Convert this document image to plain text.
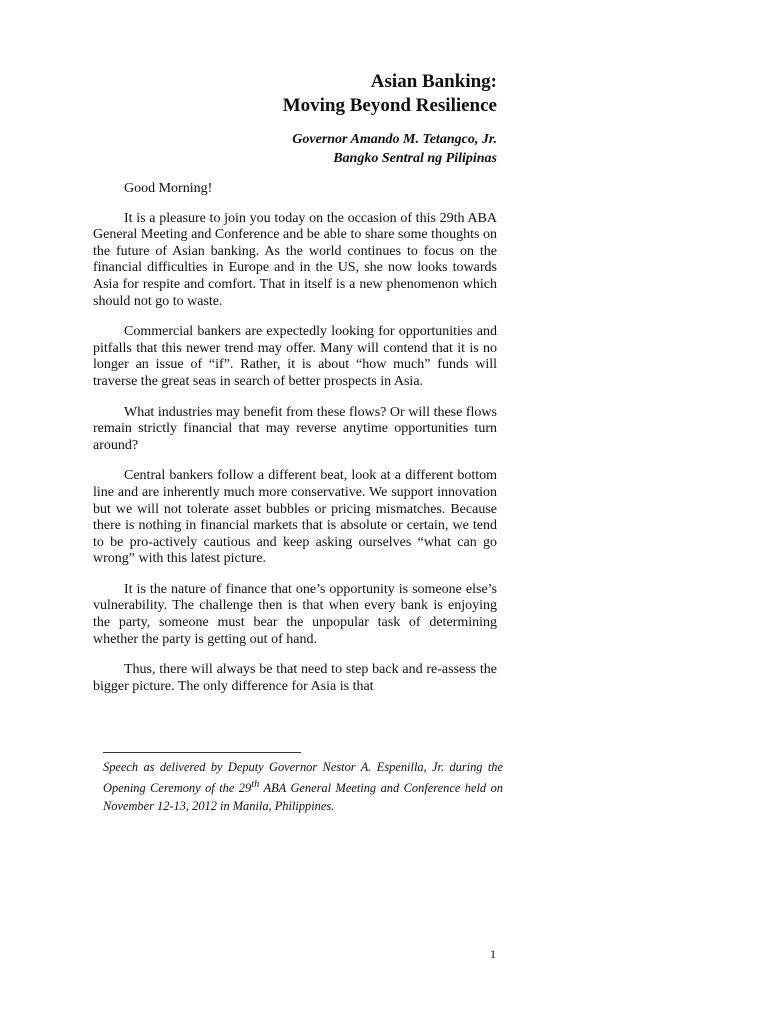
Asian Banking:
Moving Beyond Resilience
Governor Amando M. Tetangco, Jr.
Bangko Sentral ng Pilipinas

Good Morning!

It is a pleasure to join you today on the occasion of this 29th ABA General Meeting and Conference and be able to share some thoughts on the future of Asian banking. As the world continues to focus on the financial difficulties in Europe and in the US, she now looks towards Asia for respite and comfort. That in itself is a new phenomenon which should not go to waste.

Commercial bankers are expectedly looking for opportunities and pitfalls that this newer trend may offer. Many will contend that it is no longer an issue of “if”. Rather, it is about “how much” funds will traverse the great seas in search of better prospects in Asia.

What industries may benefit from these flows? Or will these flows remain strictly financial that may reverse anytime opportunities turn around?

Central bankers follow a different beat, look at a different bottom line and are inherently much more conservative. We support innovation but we will not tolerate asset bubbles or pricing mismatches. Because there is nothing in financial markets that is absolute or certain, we tend to be pro-actively cautious and keep asking ourselves “what can go wrong” with this latest picture.

It is the nature of finance that one’s opportunity is someone else’s vulnerability. The challenge then is that when every bank is enjoying the party, someone must bear the unpopular task of determining whether the party is getting out of hand.

Thus, there will always be that need to step back and re-assess the bigger picture. The only difference for Asia is that

Speech as delivered by Deputy Governor Nestor A. Espenilla, Jr. during the Opening Ceremony of the 29th ABA General Meeting and Conference held on November 12-13, 2012 in Manila, Philippines.
1
